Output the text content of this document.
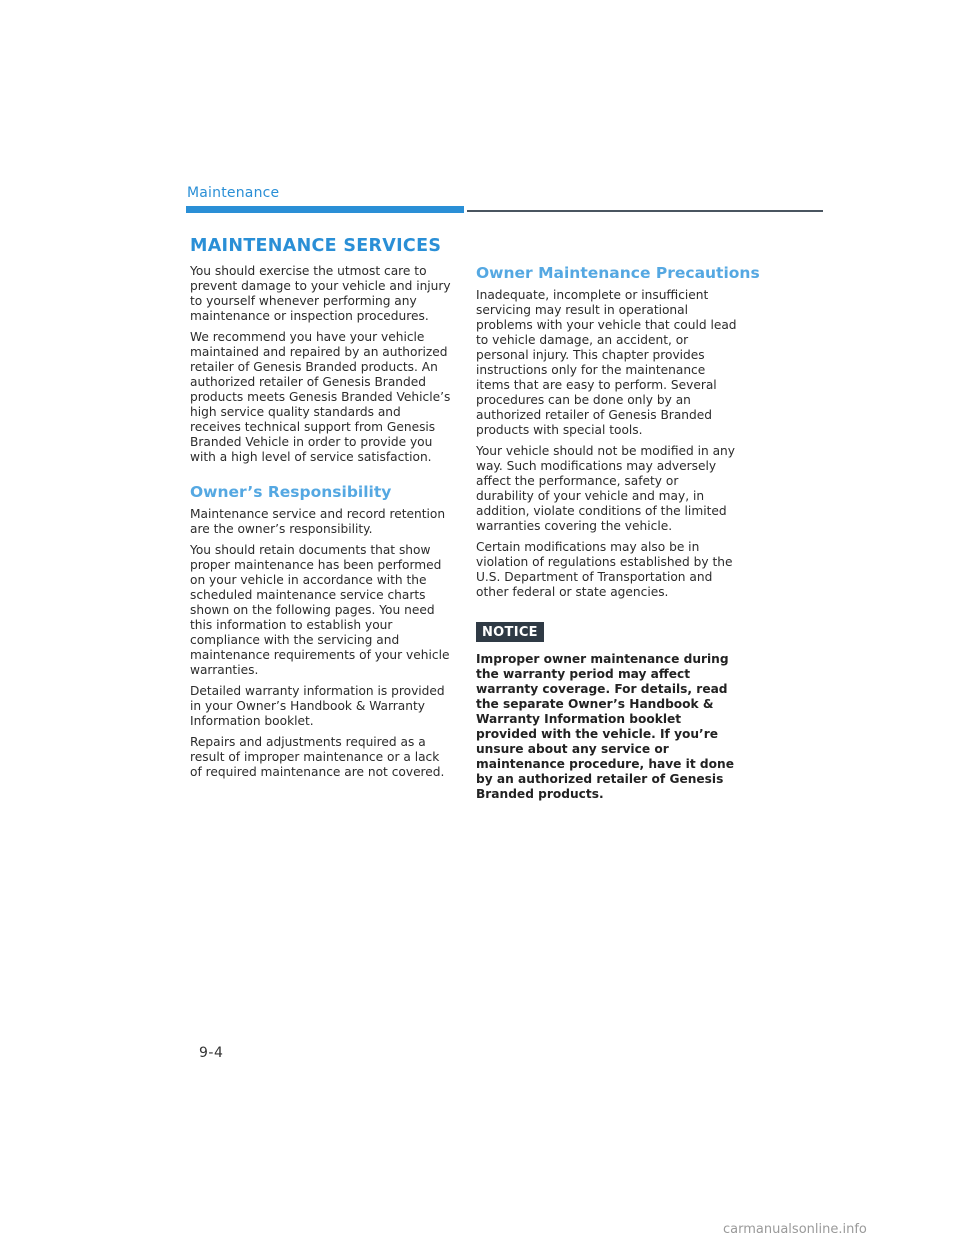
Maintenance
MAINTENANCE SERVICES

You should exercise the utmost care to prevent damage to your vehicle and injury to yourself whenever performing any maintenance or inspection procedures.

We recommend you have your vehicle maintained and repaired by an authorized retailer of Genesis Branded products. An authorized retailer of Genesis Branded products meets Genesis Branded Vehicle’s high service quality standards and receives technical support from Genesis Branded Vehicle in order to provide you with a high level of service satisfaction.

Owner’s Responsibility

Maintenance service and record retention are the owner’s responsibility.

You should retain documents that show proper maintenance has been performed on your vehicle in accordance with the scheduled maintenance service charts shown on the following pages. You need this information to establish your compliance with the servicing and maintenance requirements of your vehicle warranties.

Detailed warranty information is provided in your Owner’s Handbook & Warranty Information booklet.

Repairs and adjustments required as a result of improper maintenance or a lack of required maintenance are not covered.

Owner Maintenance Precautions

Inadequate, incomplete or insufficient servicing may result in operational problems with your vehicle that could lead to vehicle damage, an accident, or personal injury. This chapter provides instructions only for the maintenance items that are easy to perform. Several procedures can be done only by an authorized retailer of Genesis Branded products with special tools.

Your vehicle should not be modified in any way. Such modifications may adversely affect the performance, safety or durability of your vehicle and may, in addition, violate conditions of the limited warranties covering the vehicle.

Certain modifications may also be in violation of regulations established by the U.S. Department of Transportation and other federal or state agencies.

NOTICE

Improper owner maintenance during the warranty period may affect warranty coverage. For details, read the separate Owner’s Handbook & Warranty Information booklet provided with the vehicle. If you’re unsure about any service or maintenance procedure, have it done by an authorized retailer of Genesis Branded products.

9-4
carmanualsonline.info
